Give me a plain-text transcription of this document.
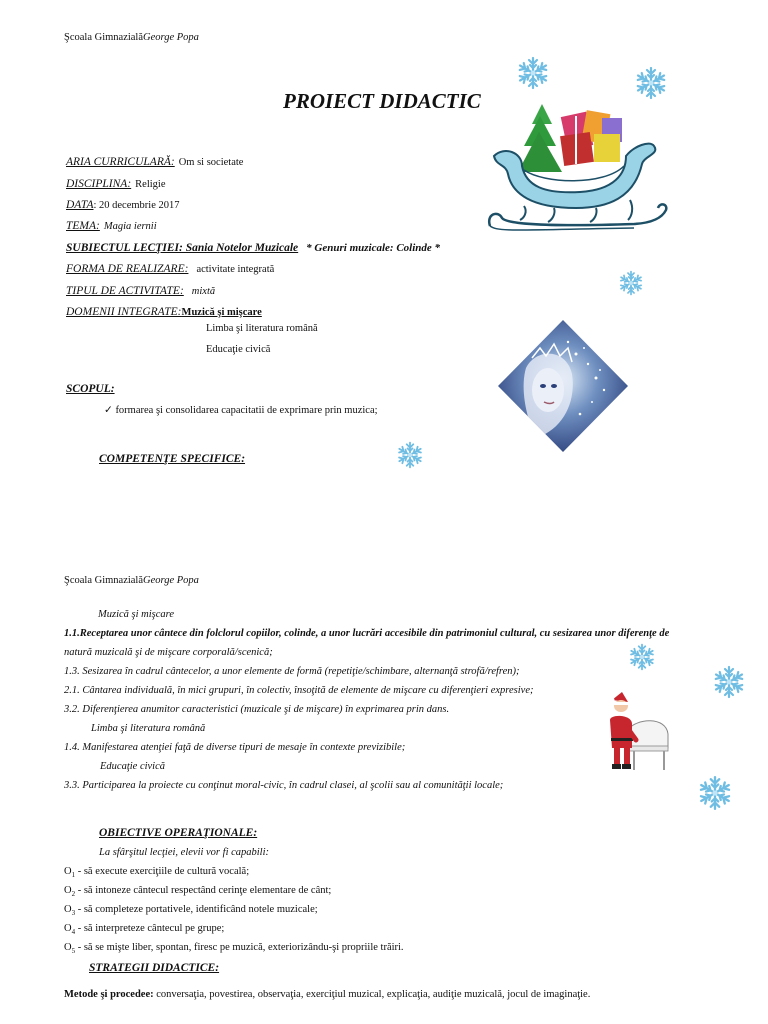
Şcoala GimnazialăGeorge Popa
PROIECT DIDACTIC
ARIA CURRICULARĂ: Om si societate
DISCIPLINA: Religie
DATA: 20 decembrie 2017
TEMA: Magia iernii
SUBIECTUL LECŢIEI: Sania Notelor Muzicale * Genuri muzicale: Colinde *
FORMA DE REALIZARE: activitate integrată
TIPUL DE ACTIVITATE: mixtă
DOMENII INTEGRATE:Muzică şi mişcare
Limba şi literatura română
Educaţie civică
SCOPUL:
✓ formarea şi consolidarea capacitatii de exprimare prin muzica;
COMPETENŢE SPECIFICE:
Şcoala GimnazialăGeorge Popa
Muzică şi mişcare
1.1.Receptarea unor cântece din folclorul copiilor, colinde, a unor lucrări accesibile din patrimoniul cultural, cu sesizarea unor diferenţe de
natură muzicală şi de mişcare corporală/scenică;
1.3. Sesizarea în cadrul cântecelor, a unor elemente de formă (repetiţie/schimbare, alternanţă strofă/refren);
2.1. Cântarea individuală, în mici grupuri, în colectiv, însoţită de elemente de mişcare cu diferenţieri expresive;
3.2. Diferenţierea anumitor caracteristici (muzicale şi de mişcare) în exprimarea prin dans.
Limba şi literatura română
1.4. Manifestarea atenţiei faţă de diverse tipuri de mesaje în contexte previzibile;
Educaţie civică
3.3. Participarea la proiecte cu conţinut moral-civic, în cadrul clasei, al şcolii sau al comunităţii locale;
OBIECTIVE OPERAŢIONALE:
La sfârşitul lecţiei, elevii vor fi capabili:
$O_1$ - să execute exerciţiile de cultură vocală;
$O_2$ - să intoneze cântecul respectând cerinţe elementare de cânt;
$O_3$ - să completeze portativele, identificând notele muzicale;
$O_4$ - să interpreteze cântecul pe grupe;
$O_5$ - să se mişte liber, spontan, firesc pe muzică, exteriorizându-şi propriile trăiri.
STRATEGII DIDACTICE:
Metode şi procedee: conversaţia, povestirea, observaţia, exerciţiul muzical, explicaţia, audiţie muzicală, jocul de imaginaţie.
